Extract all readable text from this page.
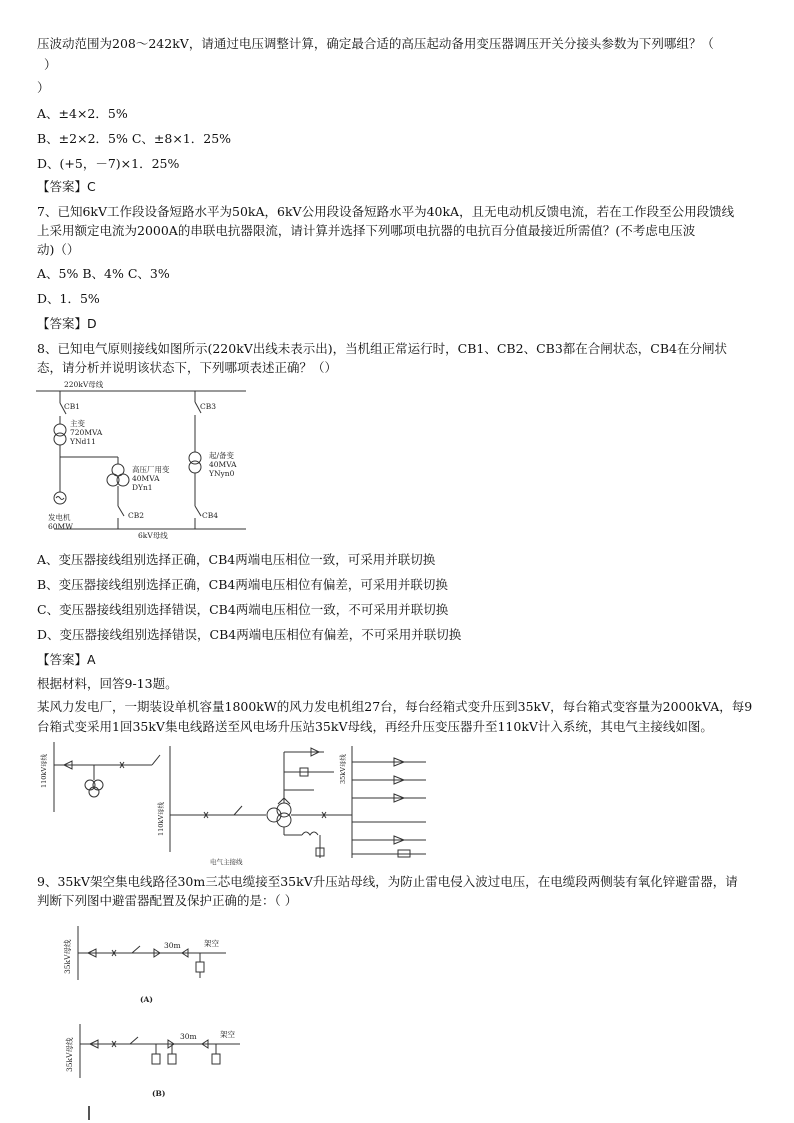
压波动范围为208～242kV，请通过电压调整计算，确定最合适的高压起动备用变压器调压开关分接头参数为下列哪组？（
）
）
A、±4×2．5%
B、±2×2．5% C、±8×1．25%
D、(+5，－7)×1．25%
【答案】C
7、已知6kV工作段设备短路水平为50kA，6kV公用段设备短路水平为40kA，且无电动机反馈电流，若在工作段至公用段馈线
上采用额定电流为2000A的串联电抗器限流，请计算并选择下列哪项电抗器的电抗百分值最接近所需值？(不考虑电压波
动)（）
A、5% B、4% C、3%
D、1．5%
【答案】D
8、已知电气原则接线如图所示(220kV出线未表示出)，当机组正常运行时，CB1、CB2、CB3都在合闸状态，CB4在分闸状
态，请分析并说明该状态下，下列哪项表述正确？（）
220kV母线
CB1
主变
720MVA
YNd11
高压厂用变
40MVA
DYn1
CB2
CB3
起/备变
40MVA
YNyn0
CB4
发电机
60MW
6kV母线
A、变压器接线组别选择正确，CB4两端电压相位一致，可采用并联切换
B、变压器接线组别选择正确，CB4两端电压相位有偏差，可采用并联切换
C、变压器接线组别选择错误，CB4两端电压相位一致，不可采用并联切换
D、变压器接线组别选择错误，CB4两端电压相位有偏差，不可采用并联切换
【答案】A
根据材料，回答9-13题。
某风力发电厂，一期装设单机容量1800kW的风力发电机组27台，每台经箱式变升压到35kV，每台箱式变容量为2000kVA，每9
台箱式变采用1回35kV集电线路送至风电场升压站35kV母线，再经升压变压器升至110kV计入系统，其电气主接线如图。
110kV母线
110kV母线
35kV母线
电气主接线
9、35kV架空集电线路径30m三芯电缆接至35kV升压站母线，为防止雷电侵入波过电压，在电缆段两侧装有氧化锌避雷器，请
判断下列图中避雷器配置及保护正确的是：（ ）
35kV母线	30m	架空
(A)
35kV母线
30m	架空
(B)
